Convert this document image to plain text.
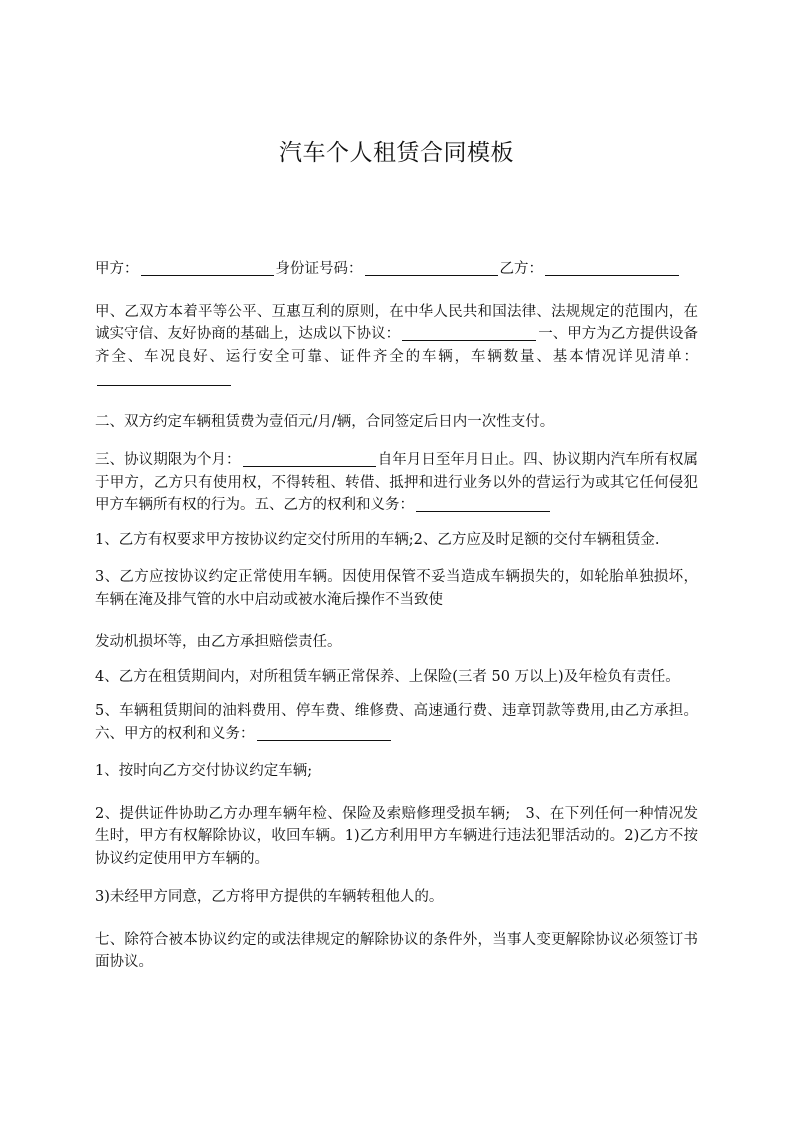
汽车个人租赁合同模板

甲方：	身份证号码：	乙方：

甲、乙双方本着平等公平、互惠互利的原则，在中华人民共和国法律、法规规定的范围内，在诚实守信、友好协商的基础上，达成以下协议：	一、甲方为乙方提供设备齐全、车况良好、运行安全可靠、证件齐全的车辆，车辆数量、基本情况详见清单：

二、双方约定车辆租赁费为壹佰元/月/辆，合同签定后日内一次性支付。

三、协议期限为个月：	自年月日至年月日止。四、协议期内汽车所有权属于甲方，乙方只有使用权，不得转租、转借、抵押和进行业务以外的营运行为或其它任何侵犯甲方车辆所有权的行为。五、乙方的权利和义务：

1、乙方有权要求甲方按协议约定交付所用的车辆;2、乙方应及时足额的交付车辆租赁金.

3、乙方应按协议约定正常使用车辆。因使用保管不妥当造成车辆损失的，如轮胎单独损坏，车辆在淹及排气管的水中启动或被水淹后操作不当致使

发动机损坏等，由乙方承担赔偿责任。

4、乙方在租赁期间内，对所租赁车辆正常保养、上保险(三者 50 万以上)及年检负有责任。

5、车辆租赁期间的油料费用、停车费、维修费、高速通行费、违章罚款等费用,由乙方承担。六、甲方的权利和义务：

1、按时向乙方交付协议约定车辆;

2、提供证件协助乙方办理车辆年检、保险及索赔修理受损车辆;　3、在下列任何一种情况发生时，甲方有权解除协议，收回车辆。1)乙方利用甲方车辆进行违法犯罪活动的。2)乙方不按协议约定使用甲方车辆的。

3)未经甲方同意，乙方将甲方提供的车辆转租他人的。

七、除符合被本协议约定的或法律规定的解除协议的条件外，当事人变更解除协议必须签订书面协议。
